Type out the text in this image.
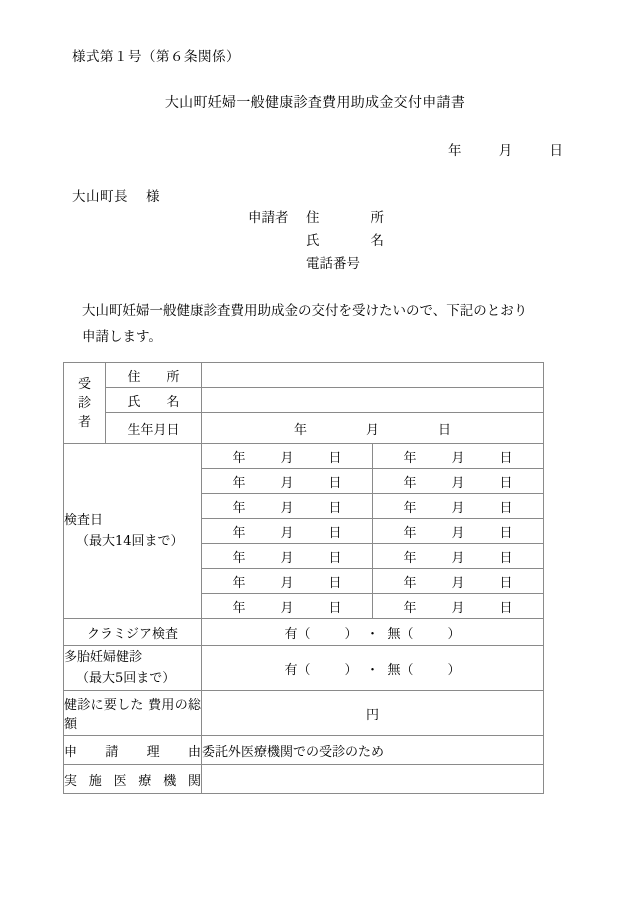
様式第１号（第６条関係）
大山町妊婦一般健康診査費用助成金交付申請書
年	月	日
大山町長 様
申請者	住	所
氏	名
電話番号
大山町妊婦一般健康診査費用助成金の交付を受けたいので、下記のとおり
申請します。
受
診
者	住　　所		
	氏　　名		
	生年月日	年 月 日	

検査日
（最大14回まで）		年 月 日	年 月 日

		年 月 日	年 月 日

		年 月 日	年 月 日

		年 月 日	年 月 日

		年 月 日	年 月 日

		年 月 日	年 月 日

		年 月 日	年 月 日

クラミジア検査		有（ ） ・ 無（ ）	

多胎妊婦健診
（最大5回まで）		有（ ） ・ 無（ ）	
健診に要した 費用の総額		円	
申請理由		委託外医療機関での受診のため	
実施医療機関			
